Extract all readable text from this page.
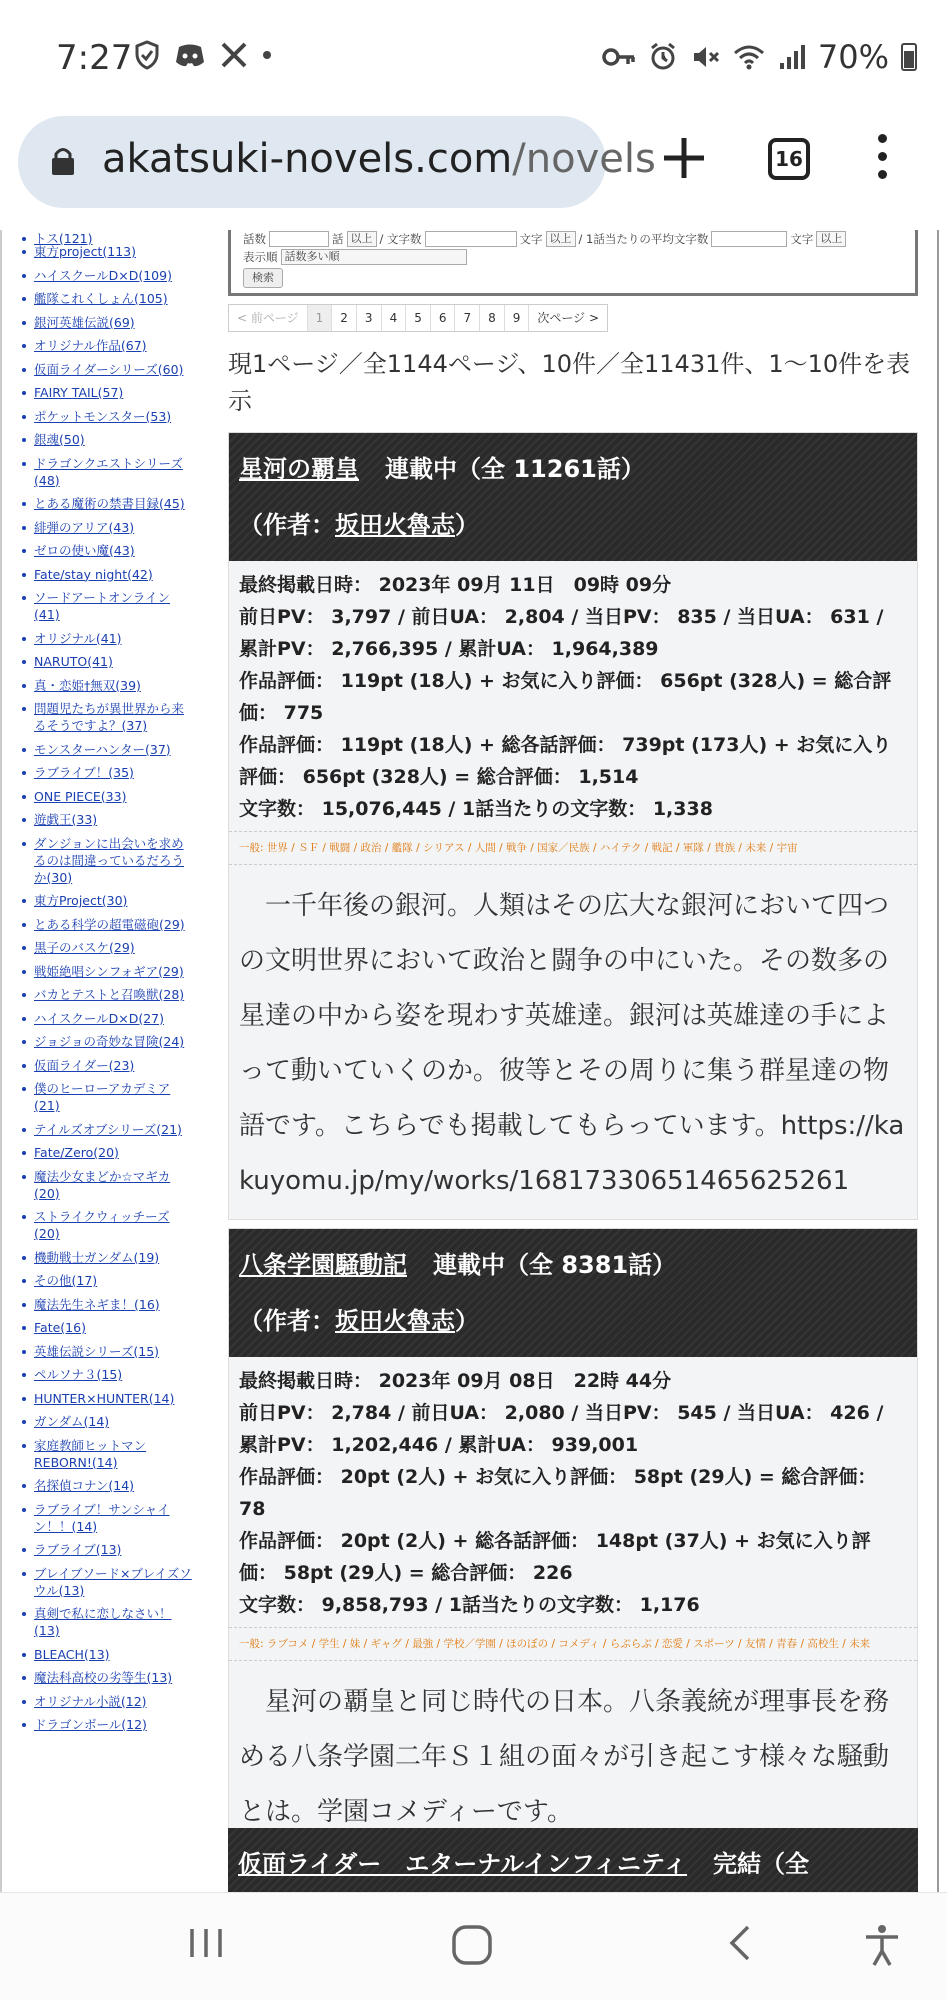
7:27	70%
akatsuki-novels.com/novels	16
トス(121)
東方project(113)
ハイスクールD×D(109)
艦隊これくしょん(105)
銀河英雄伝説(69)
オリジナル作品(67)
仮面ライダーシリーズ(60)
FAIRY TAIL(57)
ポケットモンスター(53)
銀魂(50)
ドラゴンクエストシリーズ(48)
とある魔術の禁書目録(45)
緋弾のアリア(43)
ゼロの使い魔(43)
Fate/stay night(42)
ソードアートオンライン(41)
オリジナル(41)
NARUTO(41)
真・恋姫†無双(39)
問題児たちが異世界から来るそうですよ？(37)
モンスターハンター(37)
ラブライブ！(35)
ONE PIECE(33)
遊戯王(33)
ダンジョンに出会いを求めるのは間違っているだろうか(30)
東方Project(30)
とある科学の超電磁砲(29)
黒子のバスケ(29)
戦姫絶唱シンフォギア(29)
バカとテストと召喚獣(28)
ハイスクールD×D(27)
ジョジョの奇妙な冒険(24)
仮面ライダー(23)
僕のヒーローアカデミア(21)
テイルズオブシリーズ(21)
Fate/Zero(20)
魔法少女まどか☆マギカ(20)
ストライクウィッチーズ(20)
機動戦士ガンダム(19)
その他(17)
魔法先生ネギま！(16)
Fate(16)
英雄伝説シリーズ(15)
ペルソナ３(15)
HUNTER×HUNTER(14)
ガンダム(14)
家庭教師ヒットマンREBORN!(14)
名探偵コナン(14)
ラブライブ！サンシャイン！！(14)
ラブライブ(13)
ブレイブソード×ブレイズソウル(13)
真剣で私に恋しなさい！(13)
BLEACH(13)
魔法科高校の劣等生(13)
オリジナル小説(12)
ドラゴンボール(12)
話数	話 以上 / 文字数	文字 以上 / 1話当たりの平均文字数	文字 以上
表示順 話数多い順
検索
< 前ページ	1	2	3	4	5	6	7	8	9	次ページ >
現1ページ／全1144ページ、10件／全11431件、1〜10件を表示
星河の覇皇 連載中（全 11261話）
（作者：坂田火魯志）
最終掲載日時： 2023年 09月 11日　09時 09分
前日PV： 3,797 / 前日UA： 2,804 / 当日PV： 835 / 当日UA： 631 / 累計PV： 2,766,395 / 累計UA： 1,964,389
作品評価： 119pt (18人) + お気に入り評価： 656pt (328人) = 総合評価： 775
作品評価： 119pt (18人) + 総各話評価： 739pt (173人) + お気に入り評価： 656pt (328人) = 総合評価： 1,514
文字数： 15,076,445 / 1話当たりの文字数： 1,338
一般: 世界 / ＳＦ / 戦闘 / 政治 / 艦隊 / シリアス / 人間 / 戦争 / 国家／民族 / ハイテク / 戦記 / 軍隊 / 貴族 / 未来 / 宇宙
一千年後の銀河。人類はその広大な銀河において四つの文明世界において政治と闘争の中にいた。その数多の星達の中から姿を現わす英雄達。銀河は英雄達の手によって動いていくのか。彼等とその周りに集う群星達の物語です。こちらでも掲載してもらっています。https://kakuyomu.jp/my/works/16817330651465625261
八条学園騒動記 連載中（全 8381話）
（作者：坂田火魯志）
最終掲載日時： 2023年 09月 08日　22時 44分
前日PV： 2,784 / 前日UA： 2,080 / 当日PV： 545 / 当日UA： 426 / 累計PV： 1,202,446 / 累計UA： 939,001
作品評価： 20pt (2人) + お気に入り評価： 58pt (29人) = 総合評価： 78
作品評価： 20pt (2人) + 総各話評価： 148pt (37人) + お気に入り評価： 58pt (29人) = 総合評価： 226
文字数： 9,858,793 / 1話当たりの文字数： 1,176
一般: ラブコメ / 学生 / 妹 / ギャグ / 最強 / 学校／学園 / ほのぼの / コメディ / らぶらぶ / 恋愛 / スポーツ / 友情 / 青春 / 高校生 / 未来
星河の覇皇と同じ時代の日本。八条義統が理事長を務める八条学園二年Ｓ１組の面々が引き起こす様々な騒動とは。学園コメディーです。
仮面ライダー　エターナルインフィニティ 完結（全
